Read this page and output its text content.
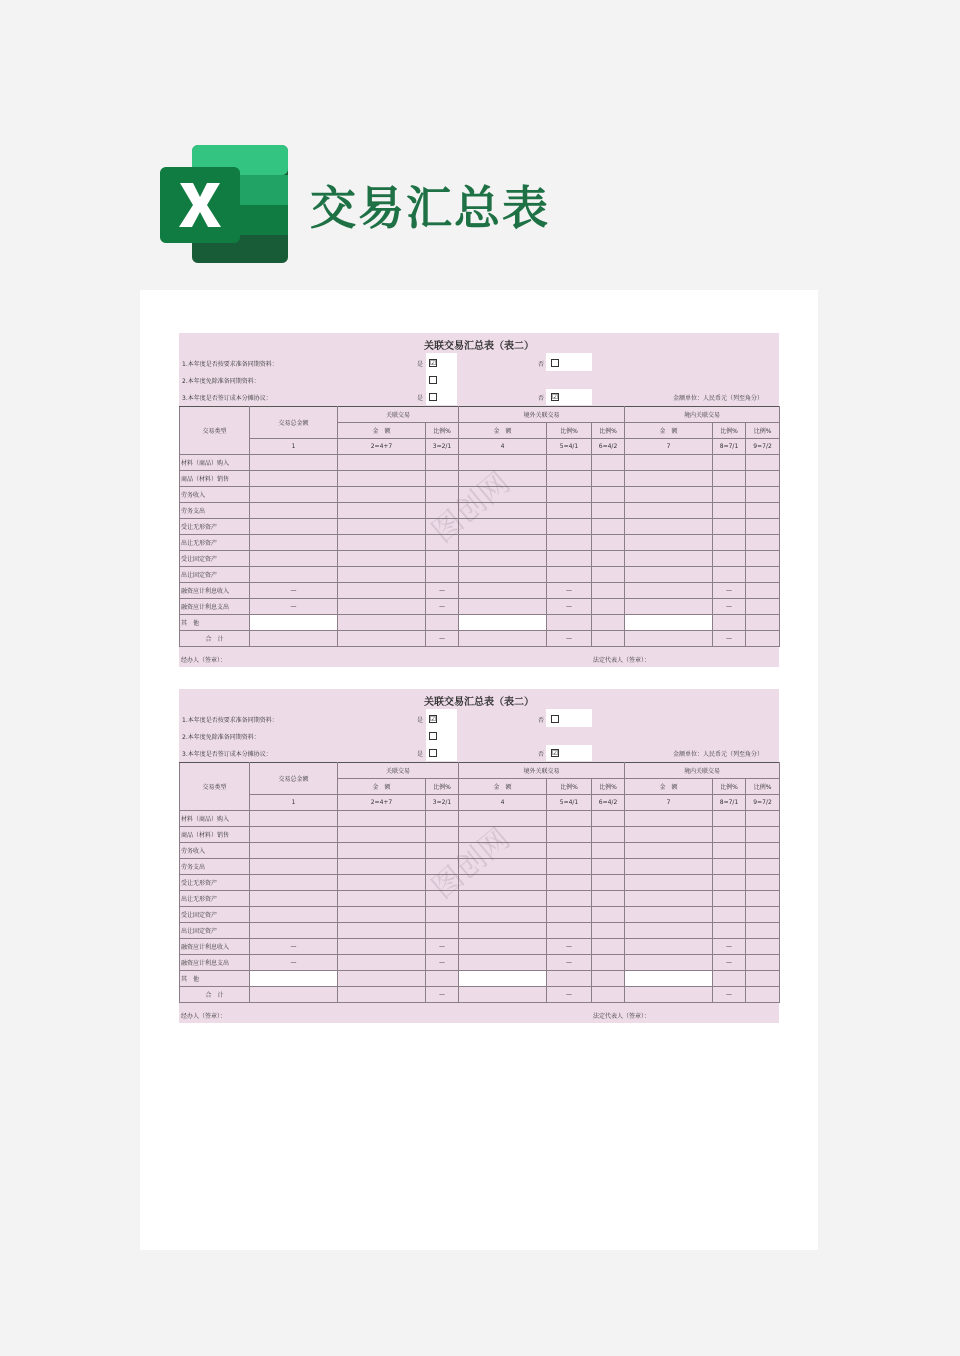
交易汇总表
关联交易汇总表（表二）
1.本年度是否按要求准备同期资料：
2.本年度免除准备同期资料：
3.本年度是否签订成本分摊协议：
是 ☑	否
是	否 ☑	金额单位：人民币元（列至角分）
交易类型	交易总金额	关联交易		境外关联交易			境内关联交易		
		金　额	比例%	金　额	比例%	比例%	金　额	比例%	比例%
	1	2=4+7	3=2/1	4	5=4/1	6=4/2	7	8=7/1	9=7/2
材料（商品）购入									
商品（材料）销售									
劳务收入									
劳务支出									
受让无形资产									
出让无形资产									
受让固定资产									
出让固定资产									
融资应计利息收入	—		—		—			—	
融资应计利息支出	—		—		—			—	
其　他									
合　计			—		—			—	
经办人（签章）：	法定代表人（签章）：
图创网
关联交易汇总表（表二）
1.本年度是否按要求准备同期资料：
2.本年度免除准备同期资料：
3.本年度是否签订成本分摊协议：
是 ☑	否
是	否 ☑	金额单位：人民币元（列至角分）
交易类型	交易总金额	关联交易		境外关联交易			境内关联交易		
		金　额	比例%	金　额	比例%	比例%	金　额	比例%	比例%
	1	2=4+7	3=2/1	4	5=4/1	6=4/2	7	8=7/1	9=7/2
材料（商品）购入									
商品（材料）销售									
劳务收入									
劳务支出									
受让无形资产									
出让无形资产									
受让固定资产									
出让固定资产									
融资应计利息收入	—		—		—			—	
融资应计利息支出	—		—		—			—	
其　他									
合　计			—		—			—	
经办人（签章）：	法定代表人（签章）：
图创网
